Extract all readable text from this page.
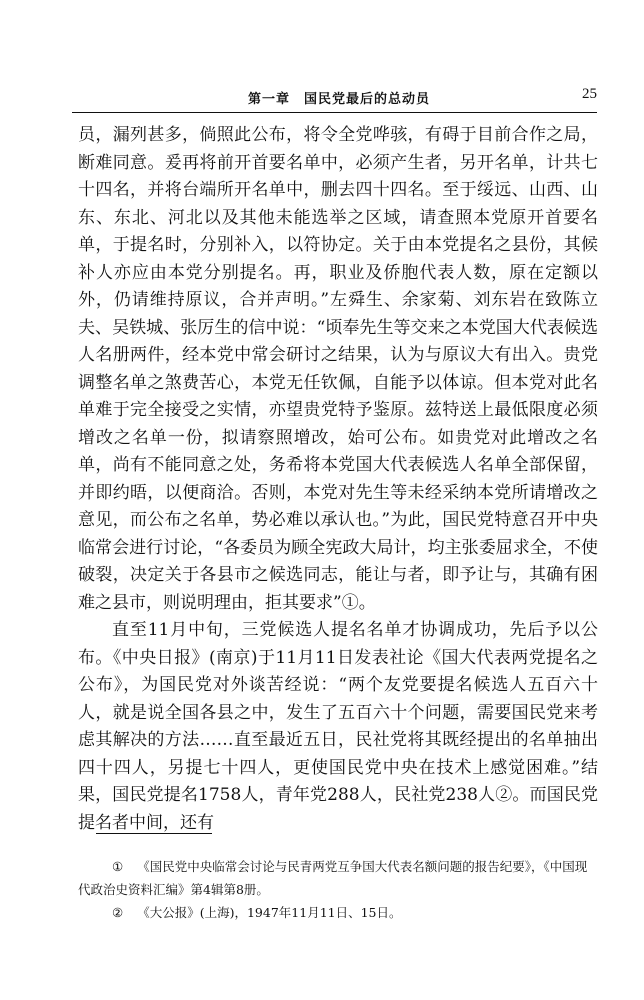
第一章　国民党最后的总动员	25

员，漏列甚多，倘照此公布，将令全党哗骇，有碍于目前合作之局，断难同意。爰再将前开首要名单中，必须产生者，另开名单，计共七十四名，并将台端所开名单中，删去四十四名。至于绥远、山西、山东、东北、河北以及其他未能选举之区域，请查照本党原开首要名单，于提名时，分别补入，以符协定。关于由本党提名之县份，其候补人亦应由本党分别提名。再，职业及侨胞代表人数，原在定额以外，仍请维持原议，合并声明。”左舜生、余家菊、刘东岩在致陈立夫、吴铁城、张厉生的信中说：“顷奉先生等交来之本党国大代表候选人名册两件，经本党中常会研讨之结果，认为与原议大有出入。贵党调整名单之煞费苦心，本党无任钦佩，自能予以体谅。但本党对此名单难于完全接受之实情，亦望贵党特予鉴原。兹特送上最低限度必须增改之名单一份，拟请察照增改，始可公布。如贵党对此增改之名单，尚有不能同意之处，务希将本党国大代表候选人名单全部保留，并即约晤，以便商洽。否则，本党对先生等未经采纳本党所请增改之意见，而公布之名单，势必难以承认也。”为此，国民党特意召开中央临常会进行讨论，“各委员为顾全宪政大局计，均主张委屈求全，不使破裂，决定关于各县市之候选同志，能让与者，即予让与，其确有困难之县市，则说明理由，拒其要求”①。

直至11月中旬，三党候选人提名名单才协调成功，先后予以公布。《中央日报》(南京)于11月11日发表社论《国大代表两党提名之公布》，为国民党对外谈苦经说：“两个友党要提名候选人五百六十人，就是说全国各县之中，发生了五百六十个问题，需要国民党来考虑其解决的方法……直至最近五日，民社党将其既经提出的名单抽出四十四人，另提七十四人，更使国民党中央在技术上感觉困难。”结果，国民党提名1758人，青年党288人，民社党238人②。而国民党提名者中间，还有

① 《国民党中央临常会讨论与民青两党互争国大代表名额问题的报告纪要》，《中国现代政治史资料汇编》第4辑第8册。

② 《大公报》(上海)，1947年11月11日、15日。
